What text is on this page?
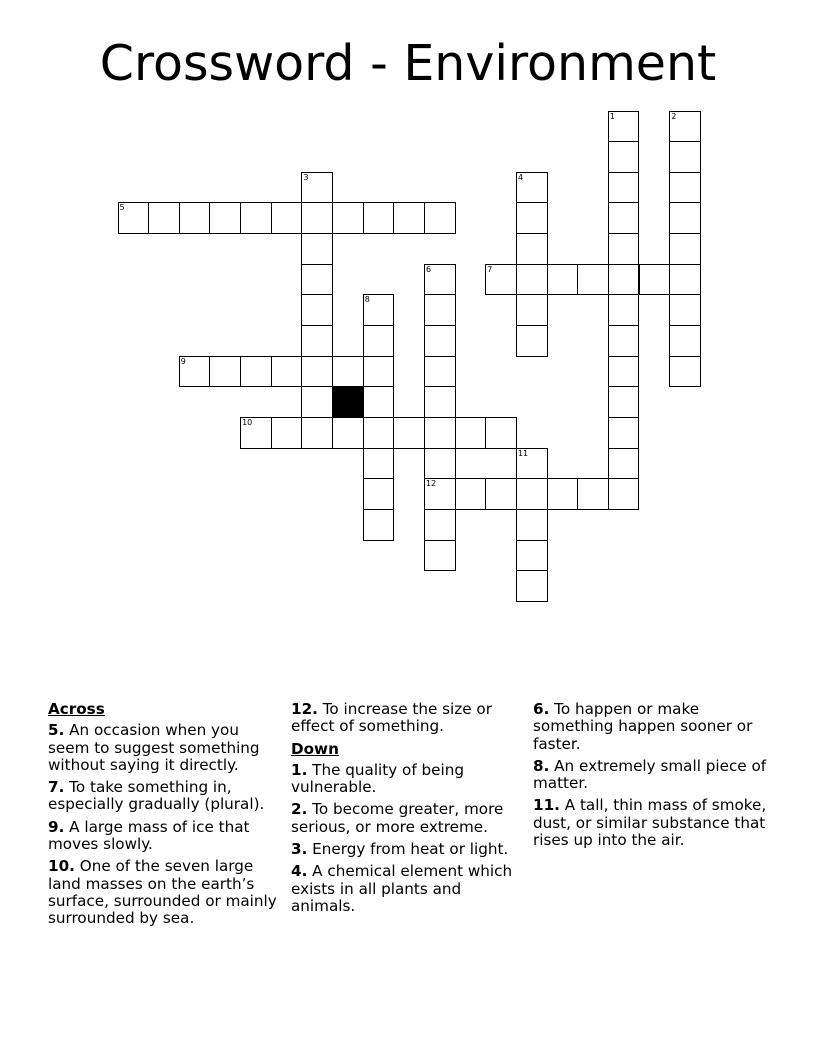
Crossword - Environment
1	2
3	4
5
6	7
8
9
10
11
12
Across
5. An occasion when you seem to suggest something without saying it directly.
7. To take something in, especially gradually (plural).
9. A large mass of ice that moves slowly.
10. One of the seven large land masses on the earth’s surface, surrounded or mainly surrounded by sea.
12. To increase the size or effect of something.
Down
1. The quality of being vulnerable.
2. To become greater, more serious, or more extreme.
3. Energy from heat or light.
4. A chemical element which exists in all plants and animals.
6. To happen or make something happen sooner or faster.
8. An extremely small piece of matter.
11. A tall, thin mass of smoke, dust, or similar substance that rises up into the air.
